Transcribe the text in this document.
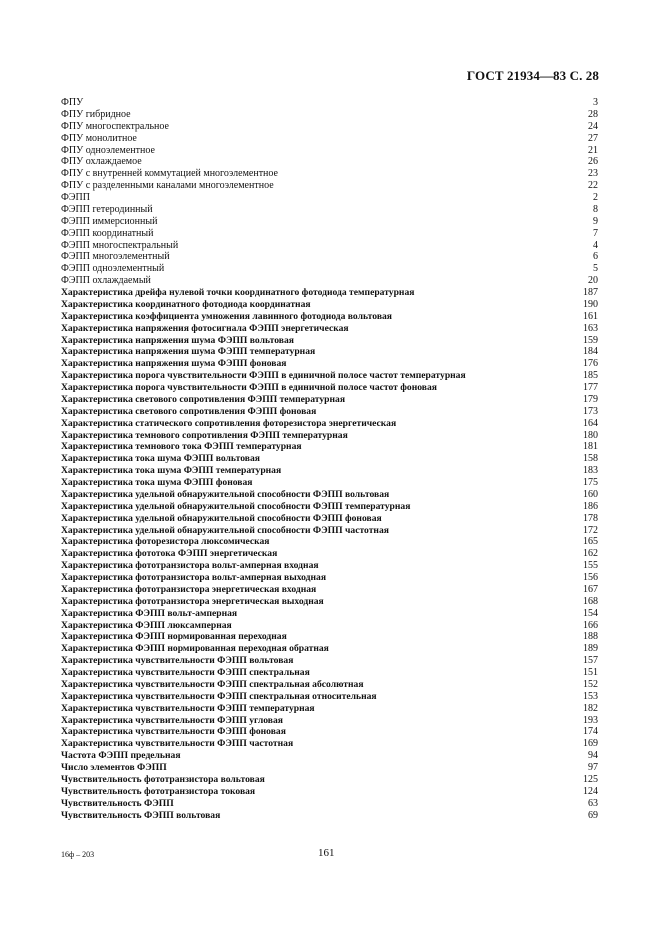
ГОСТ 21934—83 С. 28
ФПУ	3
ФПУ гибридное	28
ФПУ многоспектральное	24
ФПУ монолитное	27
ФПУ одноэлементное	21
ФПУ охлаждаемое	26
ФПУ с внутренней коммутацией многоэлементное	23
ФПУ с разделенными каналами многоэлементное	22
ФЭПП	2
ФЭПП гетеродинный	8
ФЭПП иммерсионный	9
ФЭПП координатный	7
ФЭПП многоспектральный	4
ФЭПП многоэлементный	6
ФЭПП одноэлементный	5
ФЭПП охлаждаемый	20
Характеристика дрейфа нулевой точки координатного фотодиода температурная	187
Характеристика координатного фотодиода координатная	190
Характеристика коэффициента умножения лавинного фотодиода вольтовая	161
Характеристика напряжения фотосигнала ФЭПП энергетическая	163
Характеристика напряжения шума ФЭПП вольтовая	159
Характеристика напряжения шума ФЭПП температурная	184
Характеристика напряжения шума ФЭПП фоновая	176
Характеристика порога чувствительности ФЭПП в единичной полосе частот температурная	185
Характеристика порога чувствительности ФЭПП в единичной полосе частот фоновая	177
Характеристика светового сопротивления ФЭПП температурная	179
Характеристика светового сопротивления ФЭПП фоновая	173
Характеристика статического сопротивления фоторезистора энергетическая	164
Характеристика темнового сопротивления ФЭПП температурная	180
Характеристика темнового тока ФЭПП температурная	181
Характеристика тока шума ФЭПП вольтовая	158
Характеристика тока шума ФЭПП температурная	183
Характеристика тока шума ФЭПП фоновая	175
Характеристика удельной обнаружительной способности ФЭПП вольтовая	160
Характеристика удельной обнаружительной способности ФЭПП температурная	186
Характеристика удельной обнаружительной способности ФЭПП фоновая	178
Характеристика удельной обнаружительной способности ФЭПП частотная	172
Характеристика фоторезистора люксомическая	165
Характеристика фототока ФЭПП энергетическая	162
Характеристика фототранзистора вольт-амперная входная	155
Характеристика фототранзистора вольт-амперная выходная	156
Характеристика фототранзистора энергетическая входная	167
Характеристика фототранзистора энергетическая выходная	168
Характеристика ФЭПП вольт-амперная	154
Характеристика ФЭПП люксамперная	166
Характеристика ФЭПП нормированная переходная	188
Характеристика ФЭПП нормированная переходная обратная	189
Характеристика чувствительности ФЭПП вольтовая	157
Характеристика чувствительности ФЭПП спектральная	151
Характеристика чувствительности ФЭПП спектральная абсолютная	152
Характеристика чувствительности ФЭПП спектральная относительная	153
Характеристика чувствительности ФЭПП температурная	182
Характеристика чувствительности ФЭПП угловая	193
Характеристика чувствительности ФЭПП фоновая	174
Характеристика чувствительности ФЭПП частотная	169
Частота ФЭПП предельная	94
Число элементов ФЭПП	97
Чувствительность фототранзистора вольтовая	125
Чувствительность фототранзистора токовая	124
Чувствительность ФЭПП	63
Чувствительность ФЭПП вольтовая	69
16ф – 203	161
